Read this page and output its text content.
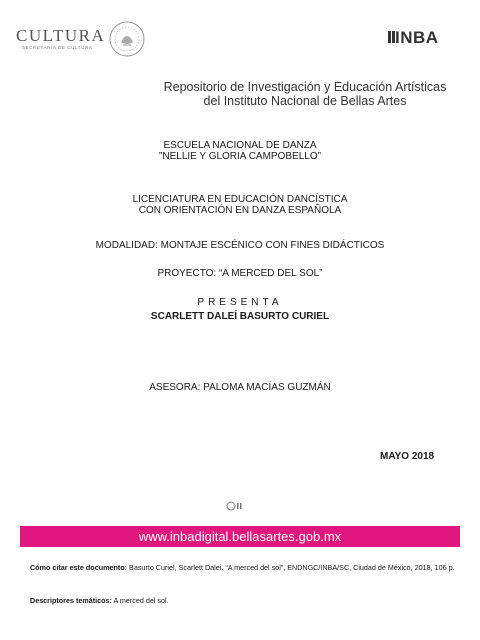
CULTURA
SECRETARÍA DE CULTURA
INBA
Repositorio de Investigación y Educación Artísticas
del Instituto Nacional de Bellas Artes
ESCUELA NACIONAL DE DANZA
”NELLIE Y GLORIA CAMPOBELLO”
LICENCIATURA EN EDUCACIÓN DANCÍSTICA
CON ORIENTACIÓN EN DANZA ESPAÑOLA
MODALIDAD: MONTAJE ESCÉNICO CON FINES DIDÁCTICOS
PROYECTO: “A MERCED DEL SOL”
PRESENTA
SCARLETT DALEÍ BASURTO CURIEL
ASESORA: PALOMA MACÍAS GUZMÁN
MAYO 2018
www.inbadigital.bellasartes.gob.mx
Cómo citar este documento: Basurto Curiel, Scarlett Dalei. “A merced del sol”, ENDNGC/INBA/SC, Ciudad de México, 2018, 106 p.
Descriptores temáticos: A merced del sol.
